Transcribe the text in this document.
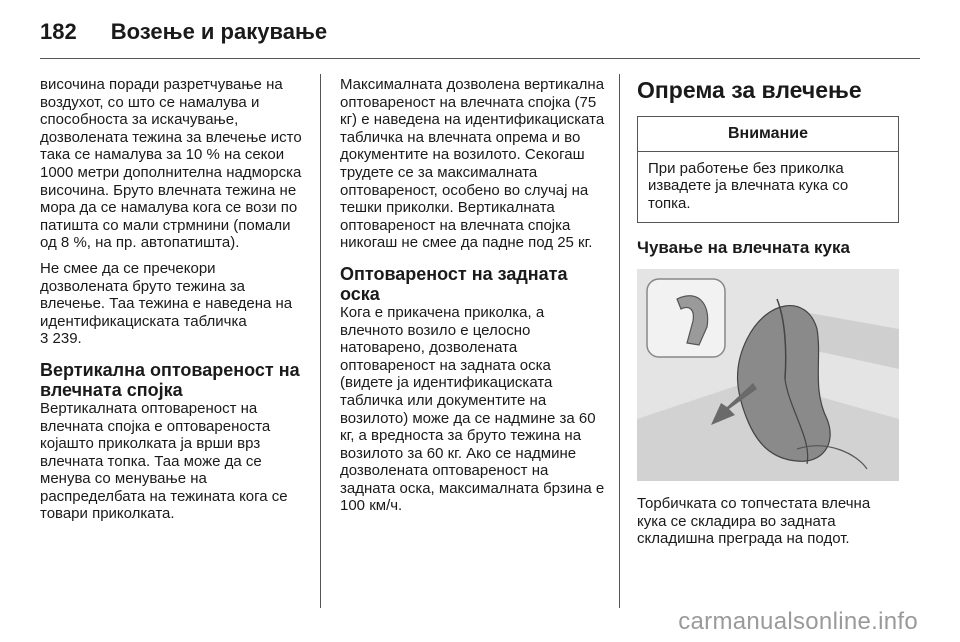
182 Возење и ракување

височина поради разретчување на воздухот, со што се намалува и способноста за искачување, дозволената тежина за влечење исто така се намалува за 10 % на секои 1000 метри дополнителна надморска височина. Бруто влечната тежина не мора да се намалува кога се вози по патишта со мали стрмнини (помали од 8 %, на пр. автопатишта).

Не смее да се пречекори дозволената бруто тежина за влечење. Таа тежина е наведена на идентификациската табличка
3 239.

Вертикална оптовареност на влечната спојка

Вертикалната оптовареност на влечната спојка е оптовареноста којашто приколката ја врши врз влечната топка. Таа може да се менува со менување на распределбата на тежината кога се товари приколката.

Максималната дозволена вертикална оптовареност на влечната спојка (75 кг) е наведена на идентификациската табличка на влечната опрема и во документите на возилото. Секогаш трудете се за максималната оптовареност, особено во случај на тешки приколки. Вертикалната оптовареност на влечната спојка никогаш не смее да падне под 25 кг.

Оптовареност на задната оска

Кога е прикачена приколка, а влечното возило е целосно натоварено, дозволената оптовареност на задната оска (видете ја идентификациската табличка или документите на возилото) може да се надмине за 60 кг, а вредноста за бруто тежина на возилото за 60 кг. Ако се надмине дозволената оптовареност на задната оска, максималната брзина е 100 км/ч.

Опрема за влечење
Внимание
При работење без приколка извадете ја влечната кука со топка.
Чување на влечната кука

Торбичката со топчестата влечна кука се складира во задната складишна преграда на подот.

carmanualsonline.info
